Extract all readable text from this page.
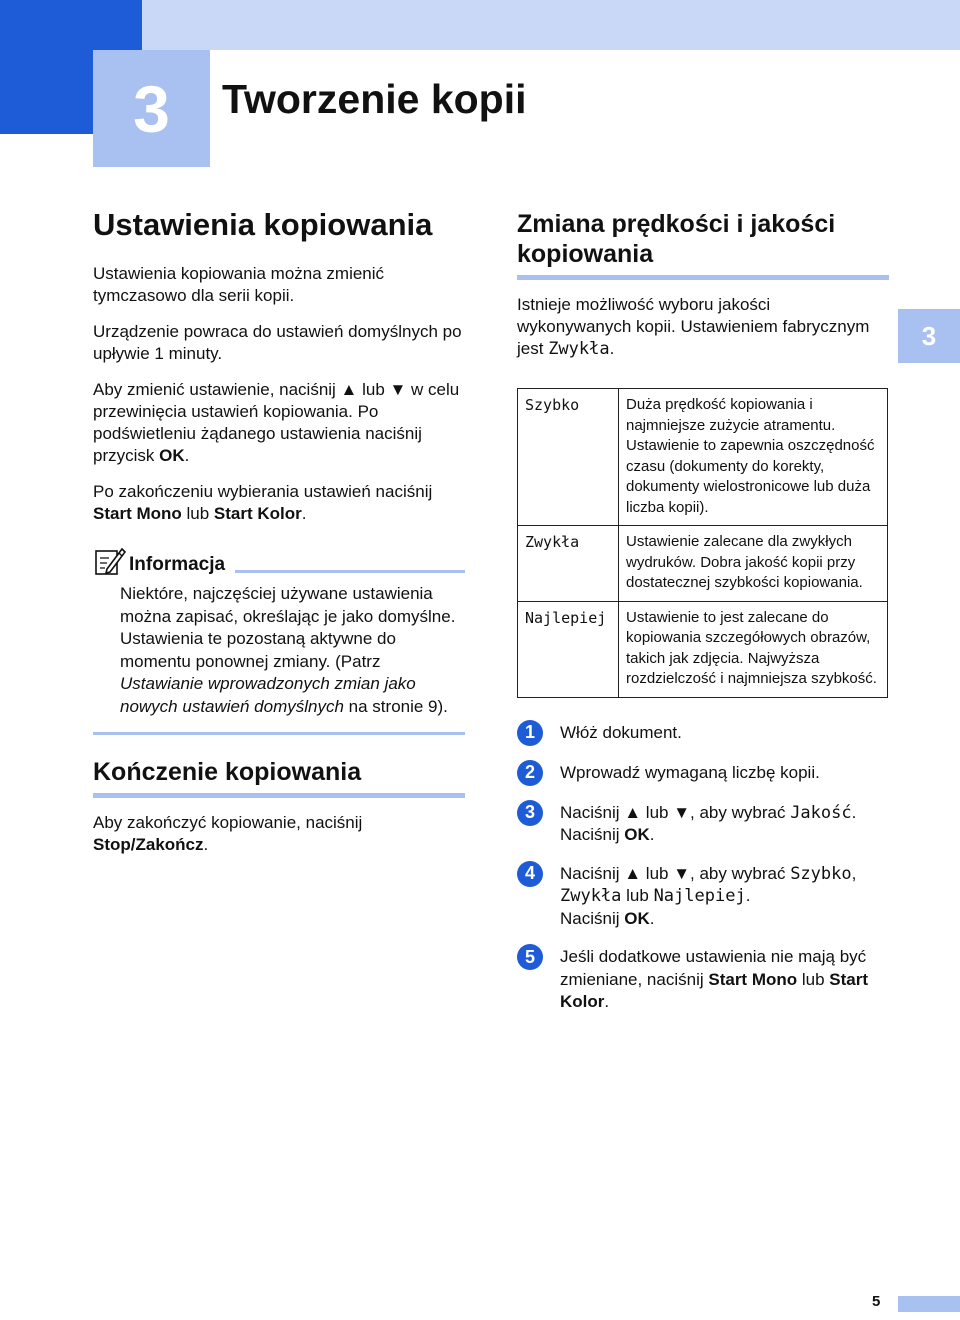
3	Tworzenie kopii
3
Ustawienia kopiowania

Ustawienia kopiowania można zmienić tymczasowo dla serii kopii.

Urządzenie powraca do ustawień domyślnych po upływie 1 minuty.

Aby zmienić ustawienie, naciśnij ▲ lub ▼ w celu przewinięcia ustawień kopiowania. Po podświetleniu żądanego ustawienia naciśnij przycisk OK.

Po zakończeniu wybierania ustawień naciśnij Start Mono lub Start Kolor.

Informacja
Niektóre, najczęściej używane ustawienia można zapisać, określając je jako domyślne. Ustawienia te pozostaną aktywne do momentu ponownej zmiany. (Patrz Ustawianie wprowadzonych zmian jako nowych ustawień domyślnych na stronie 9).
Kończenie kopiowania

Aby zakończyć kopiowanie, naciśnij Stop/Zakończ.

Zmiana prędkości i jakości kopiowania

Istnieje możliwość wyboru jakości wykonywanych kopii. Ustawieniem fabrycznym jest Zwykła.

Szybko	Duża prędkość kopiowania i najmniejsze zużycie atramentu. Ustawienie to zapewnia oszczędność czasu (dokumenty do korekty, dokumenty wielostronicowe lub duża liczba kopii).
Zwykła	Ustawienie zalecane dla zwykłych wydruków. Dobra jakość kopii przy dostatecznej szybkości kopiowania.
Najlepiej	Ustawienie to jest zalecane do kopiowania szczegółowych obrazów, takich jak zdjęcia. Najwyższa rozdzielczość i najmniejsza szybkość.
1	Włóż dokument.
2	Wprowadź wymaganą liczbę kopii.
3	Naciśnij ▲ lub ▼, aby wybrać Jakość.
Naciśnij OK.
4	Naciśnij ▲ lub ▼, aby wybrać Szybko, Zwykła lub Najlepiej.
Naciśnij OK.
5	Jeśli dodatkowe ustawienia nie mają być zmieniane, naciśnij Start Mono lub Start Kolor.
5
